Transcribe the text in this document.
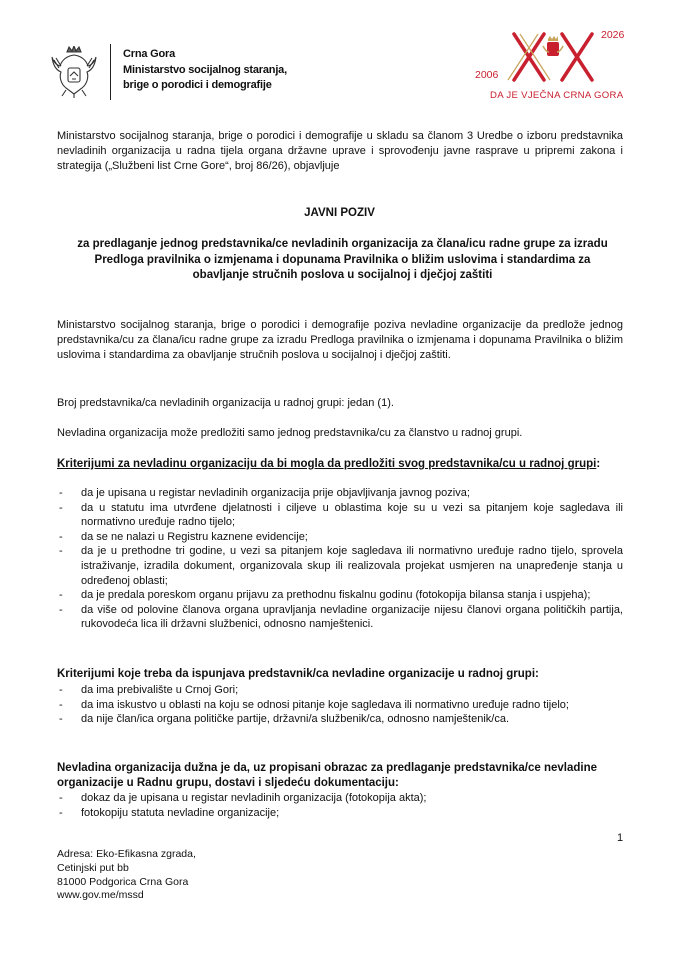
Crna Gora
Ministarstvo socijalnog staranja,
brige o porodici i demografije
2006
2026
DA JE VJEČNA CRNA GORA
Ministarstvo socijalnog staranja, brige o porodici i demografije u skladu sa članom 3 Uredbe o izboru predstavnika nevladinih organizacija u radna tijela organa državne uprave i sprovođenju javne rasprave u pripremi zakona i strategija („Službeni list Crne Gore“, broj 86/26), objavljuje
JAVNI POZIV
za predlaganje jednog predstavnika/ce nevladinih organizacija za člana/icu radne grupe za izradu Predloga pravilnika o izmjenama i dopunama Pravilnika o bližim uslovima i standardima za obavljanje stručnih poslova u socijalnoj i dječjoj zaštiti
Ministarstvo socijalnog staranja, brige o porodici i demografije poziva nevladine organizacije da predlože jednog predstavnika/cu za člana/icu radne grupe za izradu Predloga pravilnika o izmjenama i dopunama Pravilnika o bližim uslovima i standardima za obavljanje stručnih poslova u socijalnoj i dječjoj zaštiti.
Broj predstavnika/ca nevladinih organizacija u radnoj grupi: jedan (1).
Nevladina organizacija može predložiti samo jednog predstavnika/cu za članstvo u radnoj grupi.
Kriterijumi za nevladinu organizaciju da bi mogla da predložiti svog predstavnika/cu u radnoj grupi:
- da je upisana u registar nevladinih organizacija prije objavljivanja javnog poziva;
- da u statutu ima utvrđene djelatnosti i ciljeve u oblastima koje su u vezi sa pitanjem koje sagledava ili normativno uređuje radno tijelo;
- da se ne nalazi u Registru kaznene evidencije;
- da je u prethodne tri godine, u vezi sa pitanjem koje sagledava ili normativno uređuje radno tijelo, sprovela istraživanje, izradila dokument, organizovala skup ili realizovala projekat usmjeren na unapređenje stanja u određenoj oblasti;
- da je predala poreskom organu prijavu za prethodnu fiskalnu godinu (fotokopija bilansa stanja i uspjeha);
- da više od polovine članova organa upravljanja nevladine organizacije nijesu članovi organa političkih partija, rukovodeća lica ili državni službenici, odnosno namještenici.
Kriterijumi koje treba da ispunjava predstavnik/ca nevladine organizacije u radnoj grupi:
- da ima prebivalište u Crnoj Gori;
- da ima iskustvo u oblasti na koju se odnosi pitanje koje sagledava ili normativno uređuje radno tijelo;
- da nije član/ica organa političke partije, državni/a službenik/ca, odnosno namještenik/ca.
Nevladina organizacija dužna je da, uz propisani obrazac za predlaganje predstavnika/ce nevladine organizacije u Radnu grupu, dostavi i sljedeću dokumentaciju:
- dokaz da je upisana u registar nevladinih organizacija (fotokopija akta);
- fotokopiju statuta nevladine organizacije;
1
Adresa: Eko-Efikasna zgrada,
Cetinjski put bb
81000 Podgorica Crna Gora
www.gov.me/mssd
